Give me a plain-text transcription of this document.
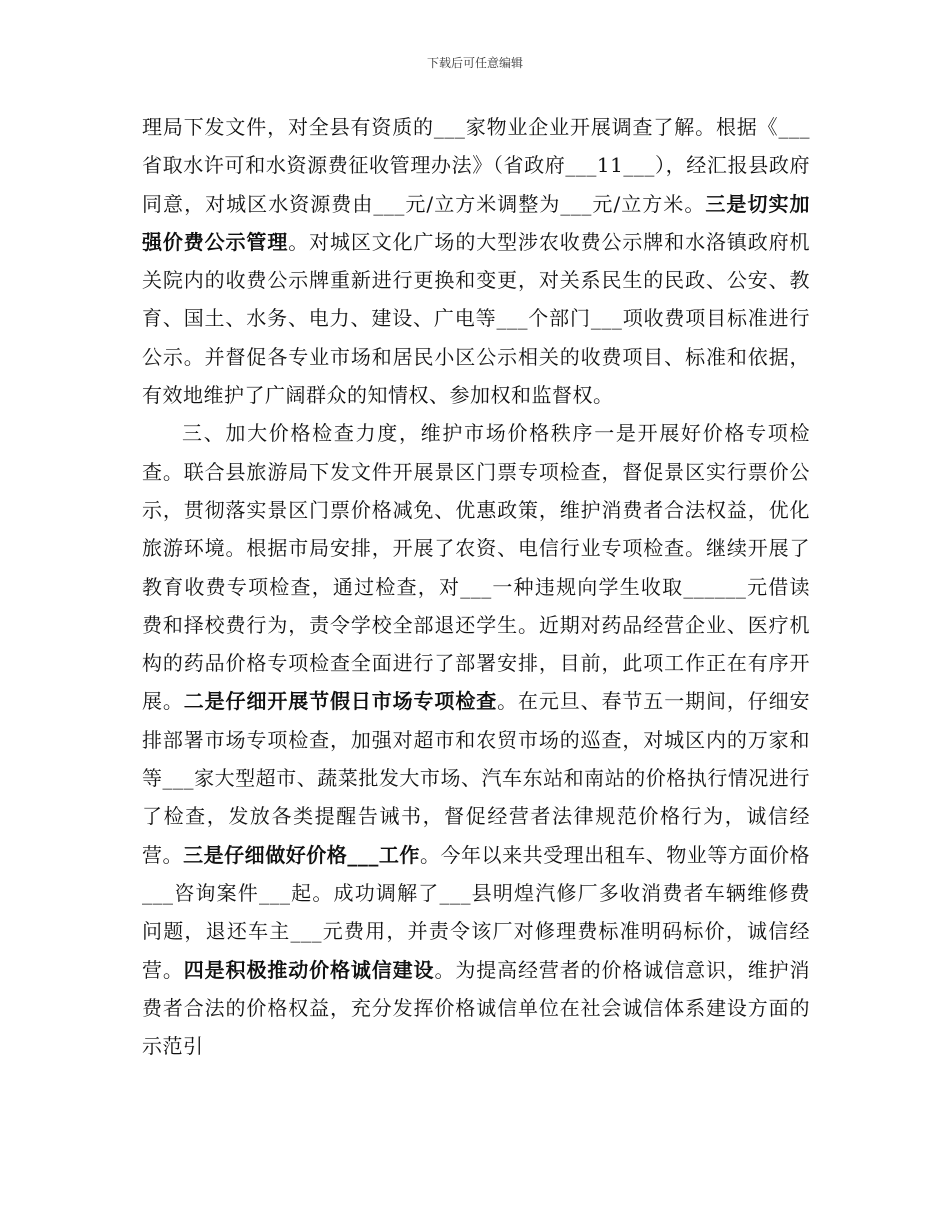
下载后可任意编辑

理局下发文件，对全县有资质的___家物业企业开展调查了解。根据《___省取水许可和水资源费征收管理办法》（省政府___11___），经汇报县政府同意，对城区水资源费由___元/立方米调整为___元/立方米。三是切实加强价费公示管理。对城区文化广场的大型涉农收费公示牌和水洛镇政府机关院内的收费公示牌重新进行更换和变更，对关系民生的民政、公安、教育、国土、水务、电力、建设、广电等___个部门___项收费项目标准进行公示。并督促各专业市场和居民小区公示相关的收费项目、标准和依据，有效地维护了广阔群众的知情权、参加权和监督权。

三、加大价格检查力度，维护市场价格秩序一是开展好价格专项检查。联合县旅游局下发文件开展景区门票专项检查，督促景区实行票价公示，贯彻落实景区门票价格减免、优惠政策，维护消费者合法权益，优化旅游环境。根据市局安排，开展了农资、电信行业专项检查。继续开展了教育收费专项检查，通过检查，对___一种违规向学生收取______元借读费和择校费行为，责令学校全部退还学生。近期对药品经营企业、医疗机构的药品价格专项检查全面进行了部署安排，目前，此项工作正在有序开展。二是仔细开展节假日市场专项检查。在元旦、春节五一期间，仔细安排部署市场专项检查，加强对超市和农贸市场的巡查，对城区内的万家和等___家大型超市、蔬菜批发大市场、汽车东站和南站的价格执行情况进行了检查，发放各类提醒告诫书，督促经营者法律规范价格行为，诚信经营。三是仔细做好价格___工作。今年以来共受理出租车、物业等方面价格___咨询案件___起。成功调解了___县明煌汽修厂多收消费者车辆维修费问题，退还车主___元费用，并责令该厂对修理费标准明码标价，诚信经营。四是积极推动价格诚信建设。为提高经营者的价格诚信意识，维护消费者合法的价格权益，充分发挥价格诚信单位在社会诚信体系建设方面的示范引
